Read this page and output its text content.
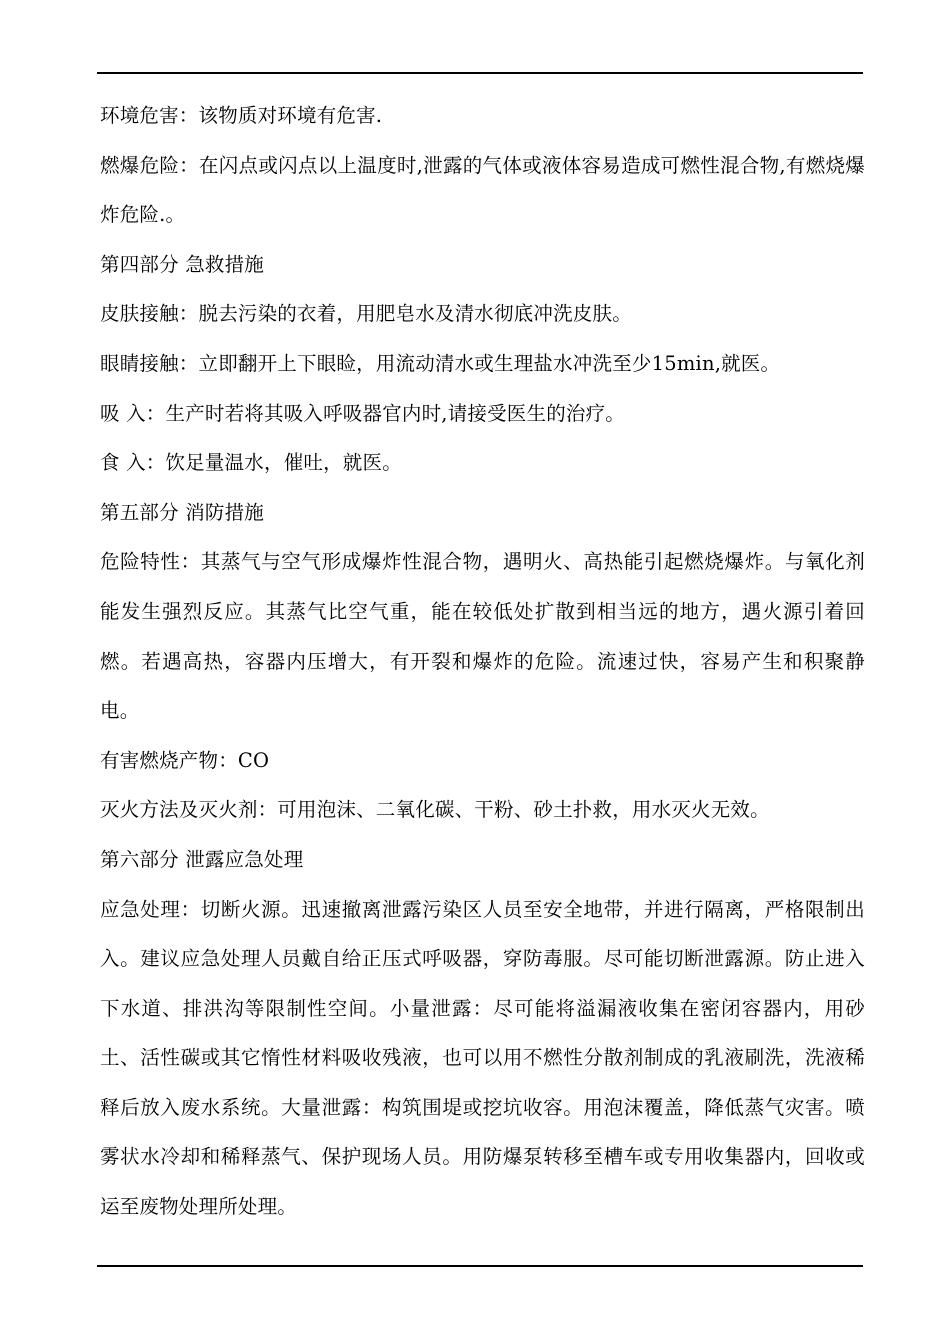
环境危害：该物质对环境有危害.

燃爆危险：在闪点或闪点以上温度时,泄露的气体或液体容易造成可燃性混合物,有燃烧爆炸危险.。

第四部分 急救措施

皮肤接触：脱去污染的衣着，用肥皂水及清水彻底冲洗皮肤。

眼睛接触：立即翻开上下眼睑，用流动清水或生理盐水冲洗至少15min,就医。

吸 入：生产时若将其吸入呼吸器官内时,请接受医生的治疗。

食 入：饮足量温水，催吐，就医。

第五部分 消防措施

危险特性：其蒸气与空气形成爆炸性混合物，遇明火、高热能引起燃烧爆炸。与氧化剂能发生强烈反应。其蒸气比空气重，能在较低处扩散到相当远的地方，遇火源引着回燃。若遇高热，容器内压增大，有开裂和爆炸的危险。流速过快，容易产生和积聚静电。

有害燃烧产物：CO

灭火方法及灭火剂：可用泡沫、二氧化碳、干粉、砂土扑救，用水灭火无效。

第六部分 泄露应急处理

应急处理：切断火源。迅速撤离泄露污染区人员至安全地带，并进行隔离，严格限制出入。建议应急处理人员戴自给正压式呼吸器，穿防毒服。尽可能切断泄露源。防止进入下水道、排洪沟等限制性空间。小量泄露：尽可能将溢漏液收集在密闭容器内，用砂土、活性碳或其它惰性材料吸收残液，也可以用不燃性分散剂制成的乳液刷洗，洗液稀释后放入废水系统。大量泄露：构筑围堤或挖坑收容。用泡沫覆盖，降低蒸气灾害。喷雾状水冷却和稀释蒸气、保护现场人员。用防爆泵转移至槽车或专用收集器内，回收或运至废物处理所处理。
